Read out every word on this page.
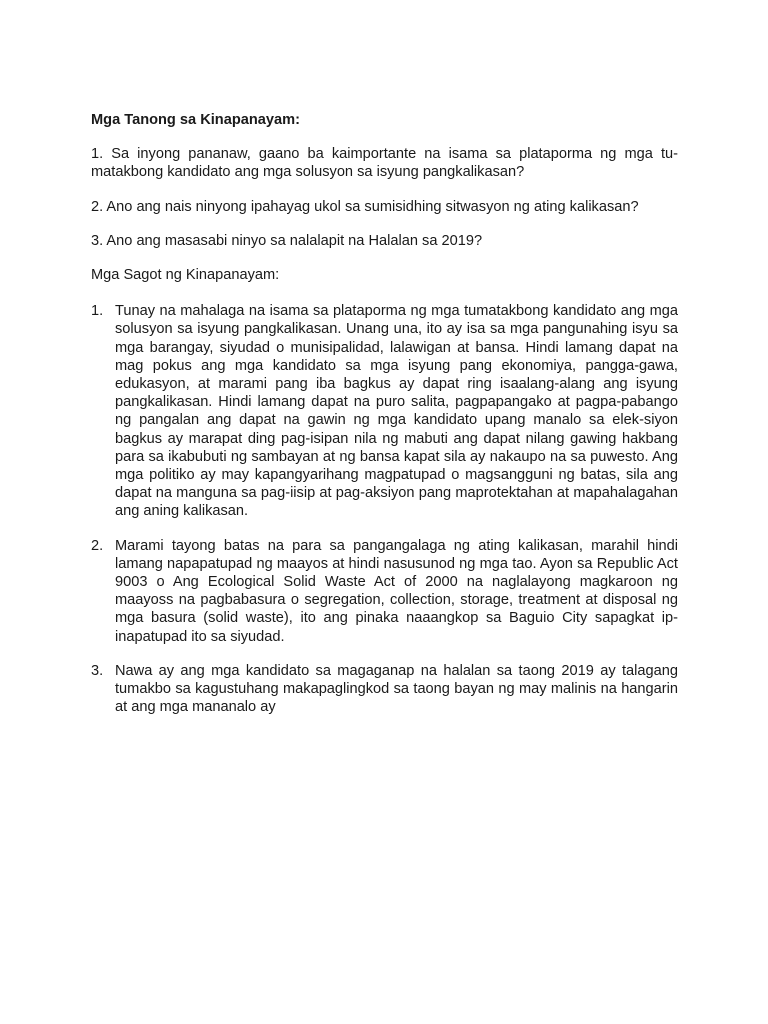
Mga Tanong sa Kinapanayam:

1. Sa inyong pananaw, gaano ba kaimportante na isama sa plataporma ng mga tu-matakbong kandidato ang mga solusyon sa isyung pangkalikasan?

2. Ano ang nais ninyong ipahayag ukol sa sumisidhing sitwasyon ng ating kalikasan?

3. Ano ang masasabi ninyo sa nalalapit na Halalan sa 2019?

Mga Sagot ng Kinapanayam:

1. Tunay na mahalaga na isama sa plataporma ng mga tumatakbong kandidato ang mga solusyon sa isyung pangkalikasan. Unang una, ito ay isa sa mga pangunahing isyu sa mga barangay, siyudad o munisipalidad, lalawigan at bansa. Hindi lamang dapat na mag pokus ang mga kandidato sa mga isyung pang ekonomiya, pangga-gawa, edukasyon, at marami pang iba bagkus ay dapat ring isaalang-alang ang isyung pangkalikasan. Hindi lamang dapat na puro salita, pagpapangako at pagpa-pabango ng pangalan ang dapat na gawin ng mga kandidato upang manalo sa elek-siyon bagkus ay marapat ding pag-isipan nila ng mabuti ang dapat nilang gawing hakbang para sa ikabubuti ng sambayan at ng bansa kapat sila ay nakaupo na sa puwesto. Ang mga politiko ay may kapangyarihang magpatupad o magsangguni ng batas, sila ang dapat na manguna sa pag-iisip at pag-aksiyon pang maprotektahan at mapahalagahan ang aning kalikasan.
2. Marami tayong batas na para sa pangangalaga ng ating kalikasan, marahil hindi lamang napapatupad ng maayos at hindi nasusunod ng mga tao. Ayon sa Republic Act 9003 o Ang Ecological Solid Waste Act of 2000 na naglalayong magkaroon ng maayoss na pagbabasura o segregation, collection, storage, treatment at disposal ng mga basura (solid waste), ito ang pinaka naaangkop sa Baguio City sapagkat ip-inapatupad ito sa siyudad.
3. Nawa ay ang mga kandidato sa magaganap na halalan sa taong 2019 ay talagang tumakbo sa kagustuhang makapaglingkod sa taong bayan ng may malinis na hangarin at ang mga mananalo ay
